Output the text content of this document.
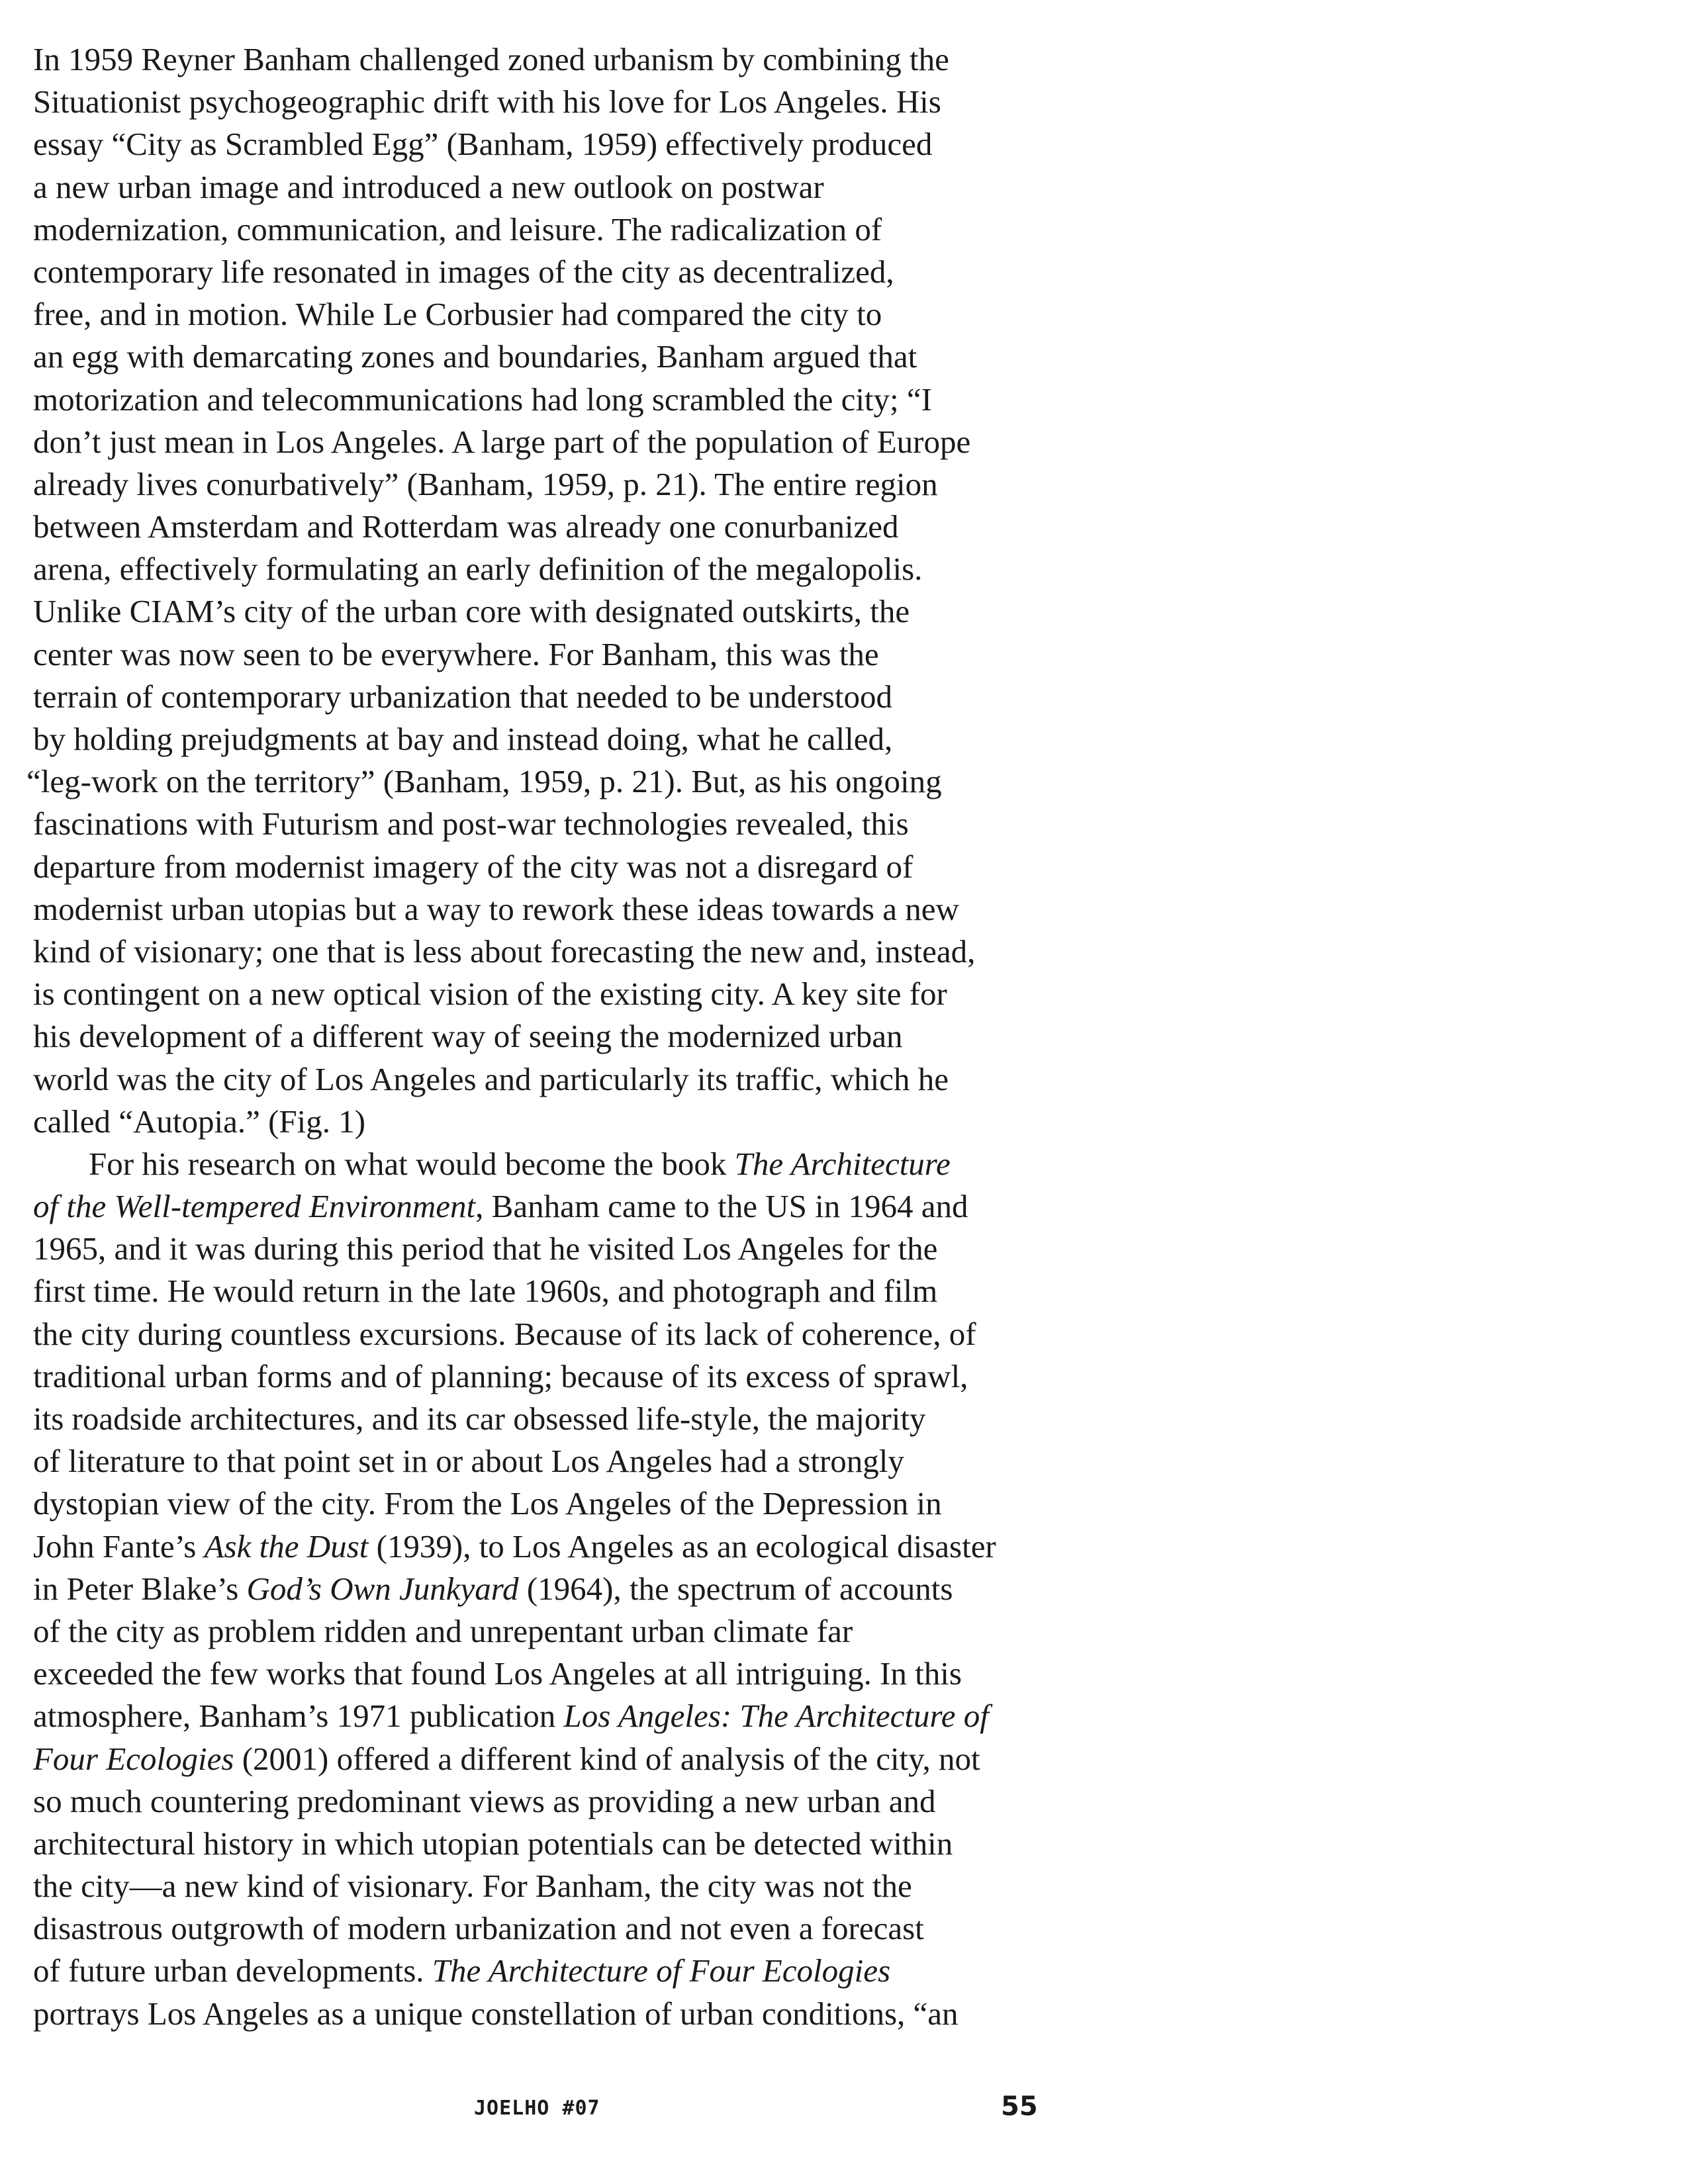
In 1959 Reyner Banham challenged zoned urbanism by combining the
Situationist psychogeographic drift with his love for Los Angeles. His
essay “City as Scrambled Egg” (Banham, 1959) effectively produced
a new urban image and introduced a new outlook on postwar
modernization, communication, and leisure. The radicalization of
contemporary life resonated in images of the city as decentralized,
free, and in motion. While Le Corbusier had compared the city to
an egg with demarcating zones and boundaries, Banham argued that
motorization and telecommunications had long scrambled the city; “I
don’t just mean in Los Angeles. A large part of the population of Europe
already lives conurbatively” (Banham, 1959, p. 21). The entire region
between Amsterdam and Rotterdam was already one conurbanized
arena, effectively formulating an early definition of the megalopolis.
Unlike CIAM’s city of the urban core with designated outskirts, the
center was now seen to be everywhere. For Banham, this was the
terrain of contemporary urbanization that needed to be understood
by holding prejudgments at bay and instead doing, what he called,
“leg-work on the territory” (Banham, 1959, p. 21). But, as his ongoing
fascinations with Futurism and post-war technologies revealed, this
departure from modernist imagery of the city was not a disregard of
modernist urban utopias but a way to rework these ideas towards a new
kind of visionary; one that is less about forecasting the new and, instead,
is contingent on a new optical vision of the existing city. A key site for
his development of a different way of seeing the modernized urban
world was the city of Los Angeles and particularly its traffic, which he
called “Autopia.” (Fig. 1)
For his research on what would become the book The Architecture
of the Well-tempered Environment, Banham came to the US in 1964 and
1965, and it was during this period that he visited Los Angeles for the
first time. He would return in the late 1960s, and photograph and film
the city during countless excursions. Because of its lack of coherence, of
traditional urban forms and of planning; because of its excess of sprawl,
its roadside architectures, and its car obsessed life-style, the majority
of literature to that point set in or about Los Angeles had a strongly
dystopian view of the city. From the Los Angeles of the Depression in
John Fante’s Ask the Dust (1939), to Los Angeles as an ecological disaster
in Peter Blake’s God’s Own Junkyard (1964), the spectrum of accounts
of the city as problem ridden and unrepentant urban climate far
exceeded the few works that found Los Angeles at all intriguing. In this
atmosphere, Banham’s 1971 publication Los Angeles: The Architecture of
Four Ecologies (2001) offered a different kind of analysis of the city, not
so much countering predominant views as providing a new urban and
architectural history in which utopian potentials can be detected within
the city—a new kind of visionary. For Banham, the city was not the
disastrous outgrowth of modern urbanization and not even a forecast
of future urban developments. The Architecture of Four Ecologies
portrays Los Angeles as a unique constellation of urban conditions, “an
JOELHO #07	55
